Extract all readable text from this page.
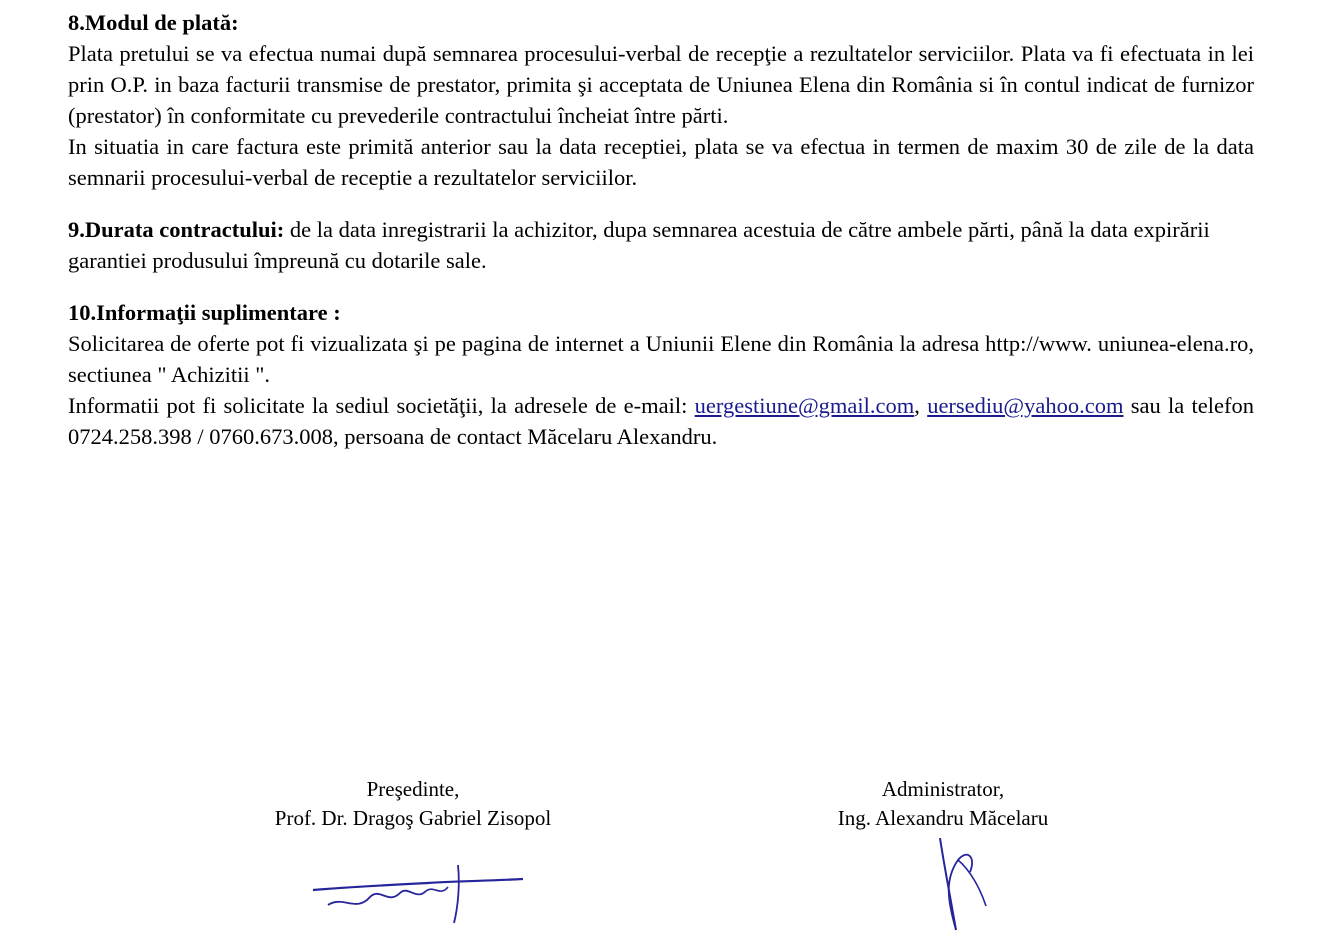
8.Modul de plată:

Plata pretului se va efectua numai după semnarea procesului-verbal de recepţie a rezultatelor serviciilor. Plata va fi efectuata in lei prin O.P. in baza facturii transmise de prestator, primita şi acceptata de Uniunea Elena din România si în contul indicat de furnizor (prestator) în conformitate cu prevederile contractului încheiat între părti.

In situatia in care factura este primită anterior sau la data receptiei, plata se va efectua in termen de maxim 30 de zile de la data semnarii procesului-verbal de receptie a rezultatelor serviciilor.

9.Durata contractului: de la data inregistrarii la achizitor, dupa semnarea acestuia de către ambele părti, până la data expirării garantiei produsului împreună cu dotarile sale.

10.Informaţii suplimentare :

Solicitarea de oferte pot fi vizualizata şi pe pagina de internet a Uniunii Elene din România la adresa http://www. uniunea-elena.ro, sectiunea " Achizitii ".

Informatii pot fi solicitate la sediul societăţii, la adresele de e-mail: uergestiune@gmail.com, uersediu@yahoo.com sau la telefon 0724.258.398 / 0760.673.008, persoana de contact Măcelaru Alexandru.

Preşedinte,
Prof. Dr. Dragoş Gabriel Zisopol
Administrator,
Ing. Alexandru Măcelaru
